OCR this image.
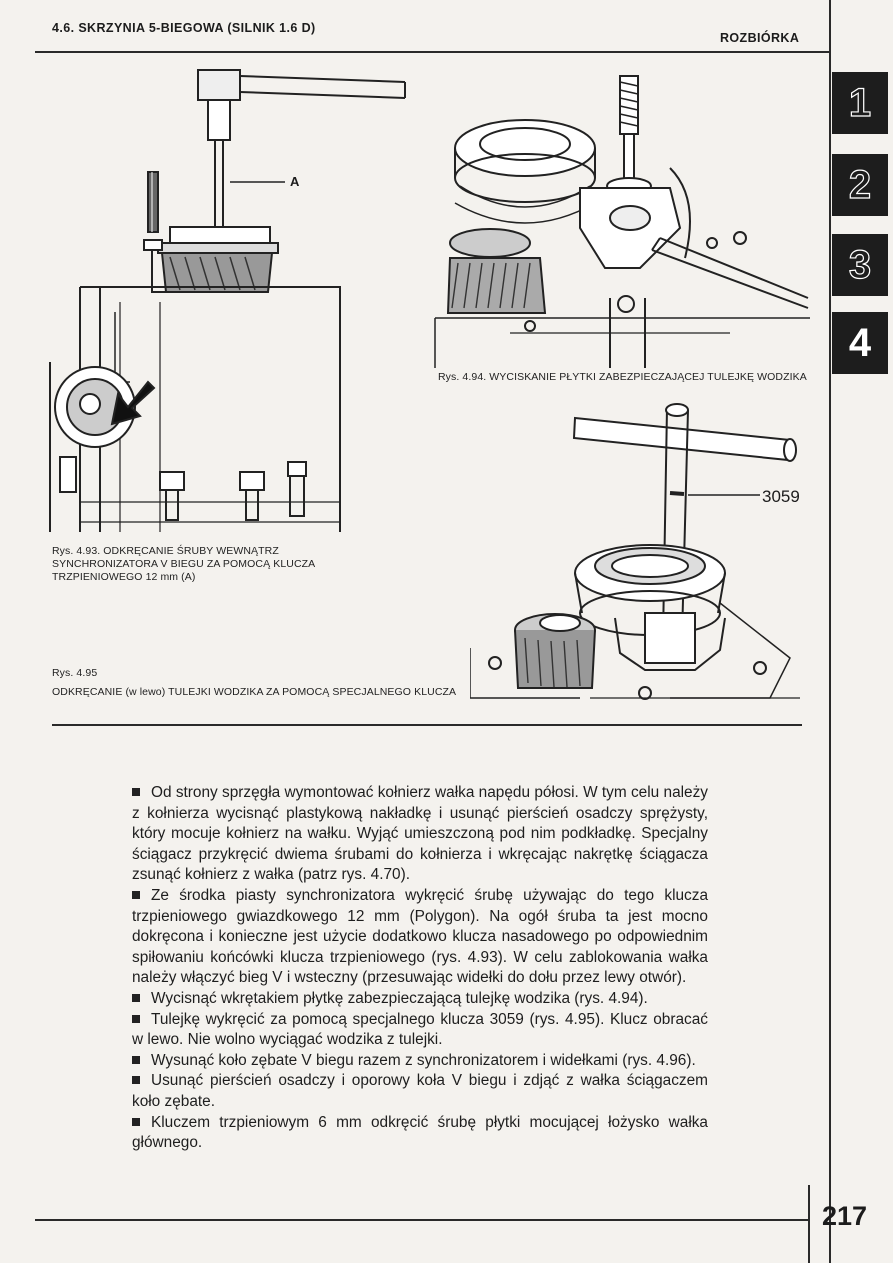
4.6. SKRZYNIA 5-BIEGOWA (SILNIK 1.6 D)
ROZBIÓRKA
1
2
3
4
A
Rys. 4.93. ODKRĘCANIE ŚRUBY WEWNĄTRZ
SYNCHRONIZATORA V BIEGU ZA POMOCĄ KLUCZA
TRZPIENIOWEGO 12 mm (A)
Rys. 4.94. WYCISKANIE PŁYTKI ZABEZPIECZAJĄCEJ TULEJKĘ WODZIKA
3059
Rys. 4.95
ODKRĘCANIE (w lewo) TULEJKI WODZIKA ZA POMOCĄ SPECJALNEGO KLUCZA

Od strony sprzęgła wymontować kołnierz wałka napędu półosi. W tym celu należy z kołnierza wycisnąć plastykową nakładkę i usunąć pierścień osadczy sprężysty, który mocuje kołnierz na wałku. Wyjąć umieszczoną pod nim podkładkę. Specjalny ściągacz przykręcić dwiema śrubami do kołnierza i wkręcając nakrętkę ściągacza zsunąć kołnierz z wałka (patrz rys. 4.70).

Ze środka piasty synchronizatora wykręcić śrubę używając do tego klucza trzpieniowego gwiazdkowego 12 mm (Polygon). Na ogół śruba ta jest mocno dokręcona i konieczne jest użycie dodatkowo klucza nasadowego po odpowiednim spiłowaniu końcówki klucza trzpieniowego (rys. 4.93). W celu zablokowania wałka należy włączyć bieg V i wsteczny (przesuwając widełki do dołu przez lewy otwór).

Wycisnąć wkrętakiem płytkę zabezpieczającą tulejkę wodzika (rys. 4.94).

Tulejkę wykręcić za pomocą specjalnego klucza 3059 (rys. 4.95). Klucz obracać w lewo. Nie wolno wyciągać wodzika z tulejki.

Wysunąć koło zębate V biegu razem z synchronizatorem i widełkami (rys. 4.96).

Usunąć pierścień osadczy i oporowy koła V biegu i zdjąć z wałka ściągaczem koło zębate.

Kluczem trzpieniowym 6 mm odkręcić śrubę płytki mocującej łożysko wałka głównego.

217
